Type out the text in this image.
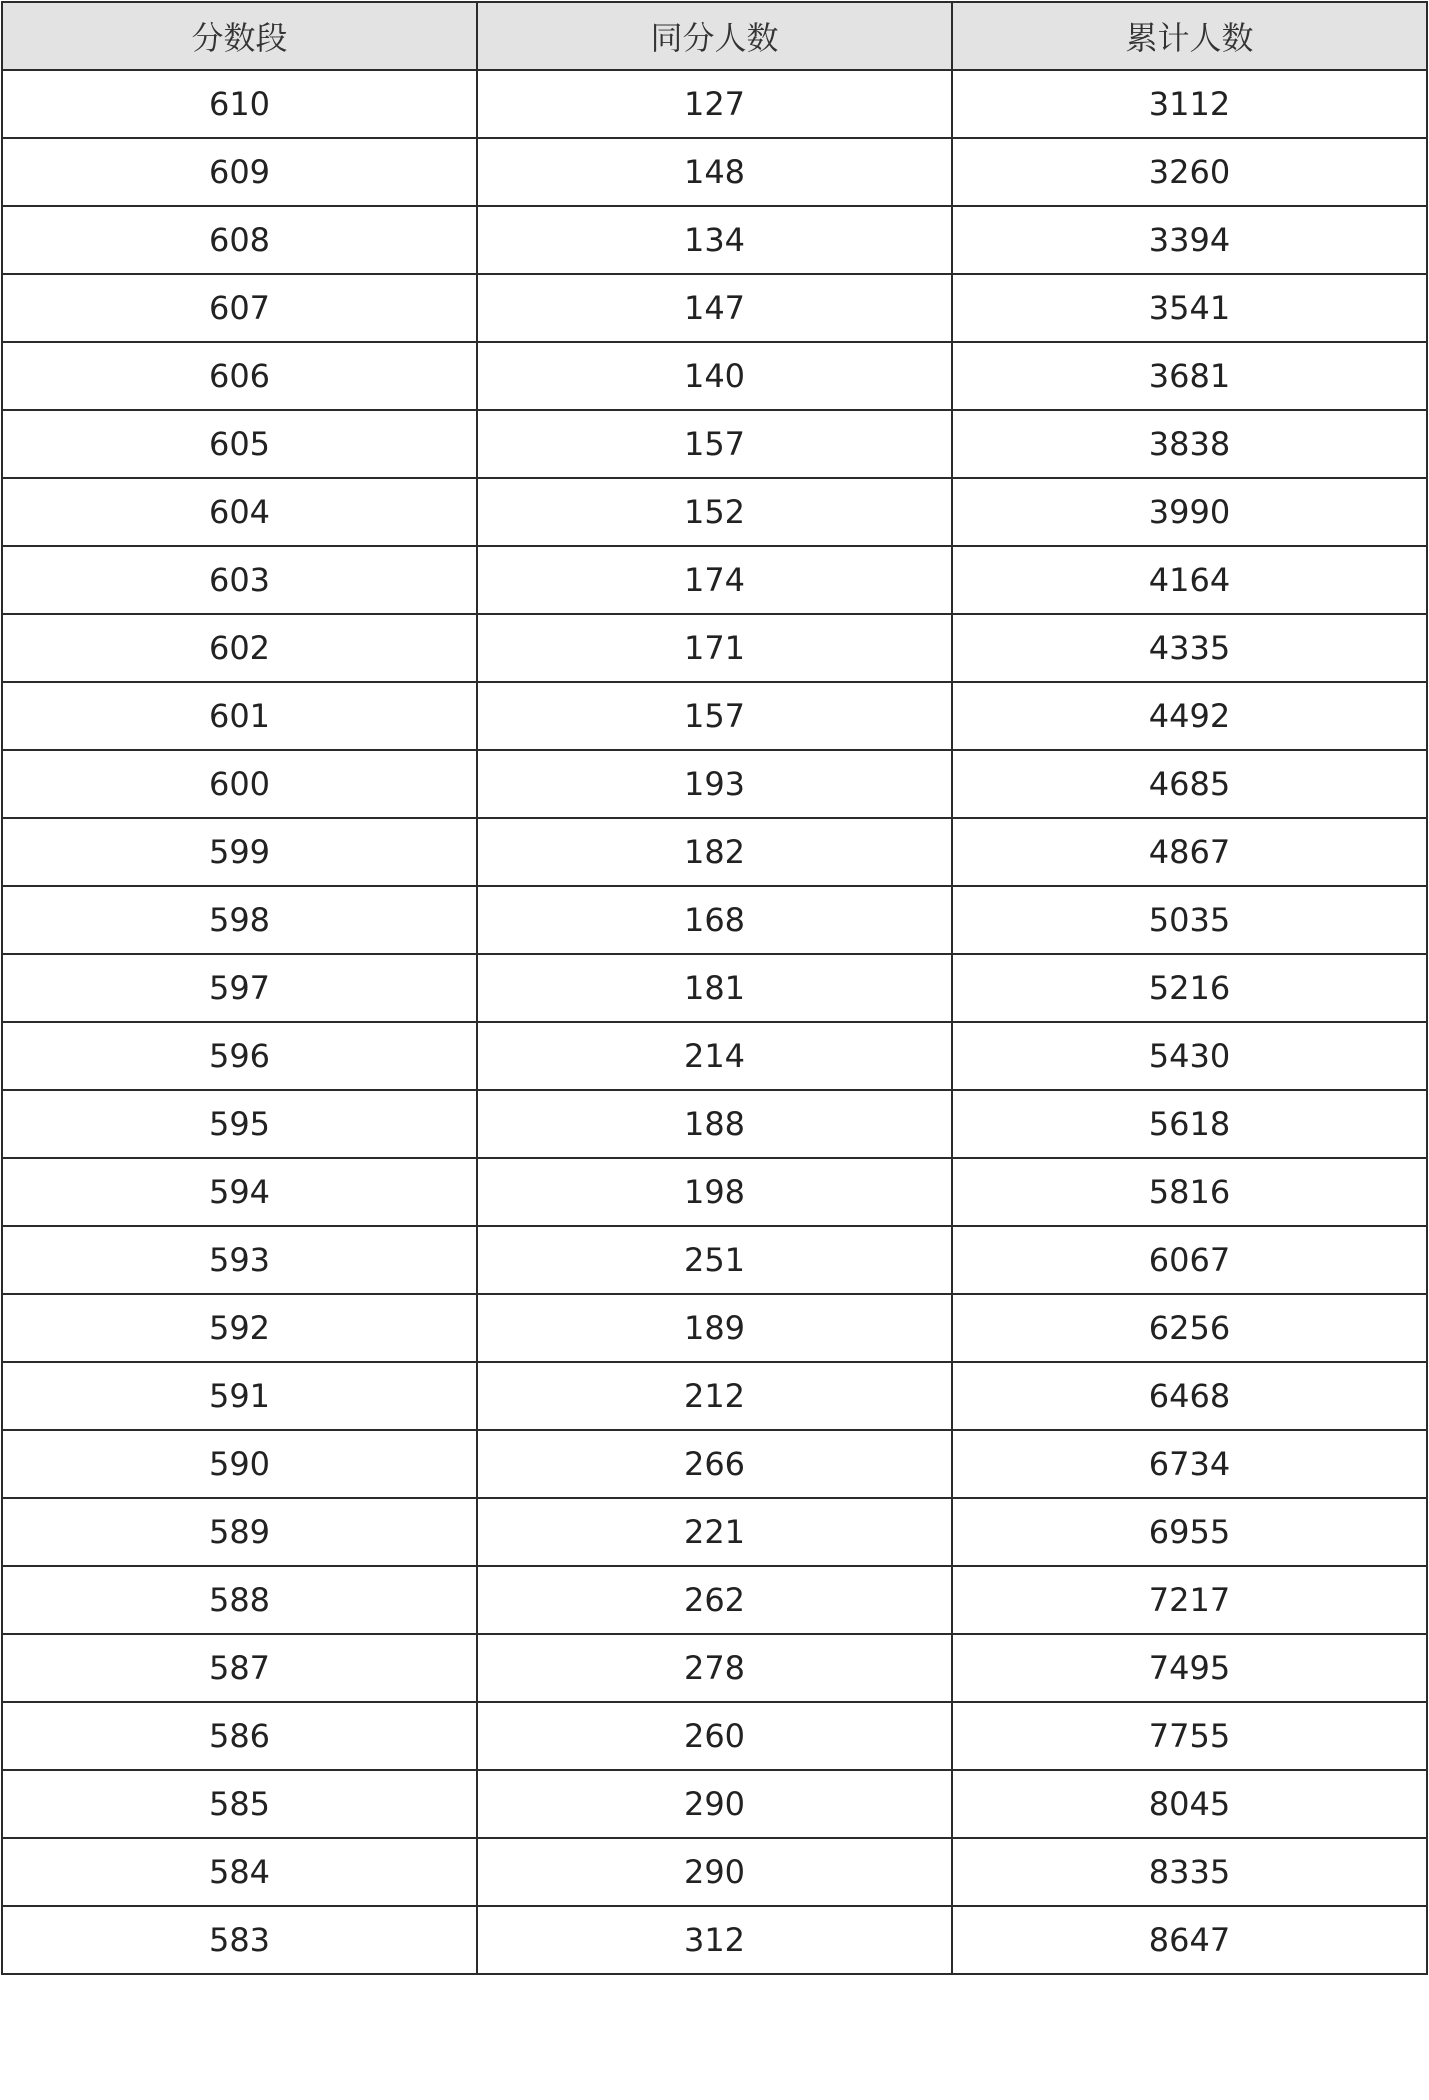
分数段	同分人数	累计人数
610	127	3112
609	148	3260
608	134	3394
607	147	3541
606	140	3681
605	157	3838
604	152	3990
603	174	4164
602	171	4335
601	157	4492
600	193	4685
599	182	4867
598	168	5035
597	181	5216
596	214	5430
595	188	5618
594	198	5816
593	251	6067
592	189	6256
591	212	6468
590	266	6734
589	221	6955
588	262	7217
587	278	7495
586	260	7755
585	290	8045
584	290	8335
583	312	8647
